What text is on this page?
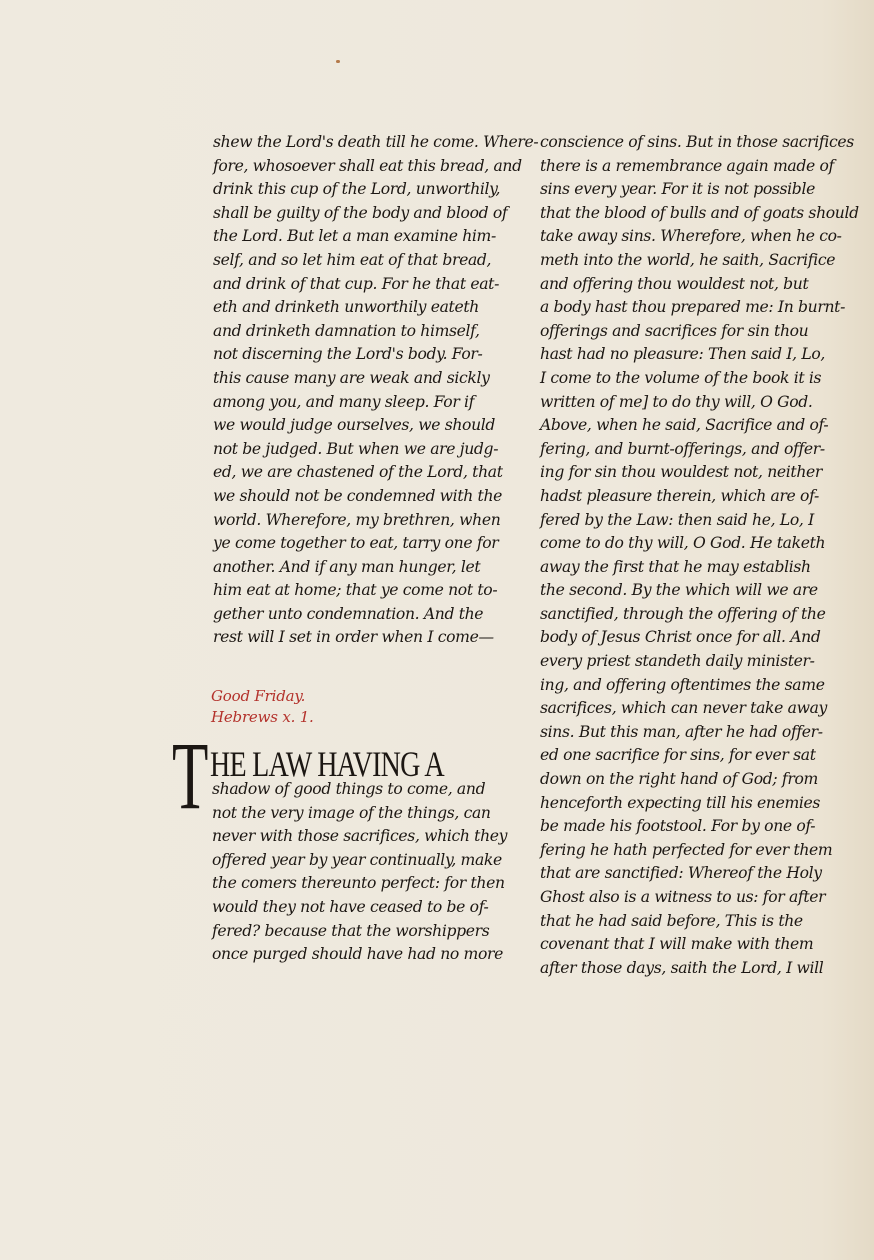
shew the Lord's death till he come. Where-
fore, whosoever shall eat this bread, and
drink this cup of the Lord, unworthily,
shall be guilty of the body and blood of
the Lord. But let a man examine him-
self, and so let him eat of that bread,
and drink of that cup. For he that eat-
eth and drinketh unworthily eateth
and drinketh damnation to himself,
not discerning the Lord's body. For-
this cause many are weak and sickly
among you, and many sleep. For if
we would judge ourselves, we should
not be judged. But when we are judg-
ed, we are chastened of the Lord, that
we should not be condemned with the
world. Wherefore, my brethren, when
ye come together to eat, tarry one for
another. And if any man hunger, let
him eat at home; that ye come not to-
gether unto condemnation. And the
rest will I set in order when I come—
Good Friday.
Hebrews x. 1.
T HE LAW HAVING A
shadow of good things to come, and
not the very image of the things, can
never with those sacrifices, which they
offered year by year continually, make
the comers thereunto perfect: for then
would they not have ceased to be of-
fered? because that the worshippers
once purged should have had no more
conscience of sins. But in those sacrifices
there is a remembrance again made of
sins every year. For it is not possible
that the blood of bulls and of goats should
take away sins. Wherefore, when he co-
meth into the world, he saith, Sacrifice
and offering thou wouldest not, but
a body hast thou prepared me: In burnt-
offerings and sacrifices for sin thou
hast had no pleasure: Then said I, Lo,
I come to the volume of the book it is
written of me] to do thy will, O God.
Above, when he said, Sacrifice and of-
fering, and burnt-offerings, and offer-
ing for sin thou wouldest not, neither
hadst pleasure therein, which are of-
fered by the Law: then said he, Lo, I
come to do thy will, O God. He taketh
away the first that he may establish
the second. By the which will we are
sanctified, through the offering of the
body of Jesus Christ once for all. And
every priest standeth daily minister-
ing, and offering oftentimes the same
sacrifices, which can never take away
sins. But this man, after he had offer-
ed one sacrifice for sins, for ever sat
down on the right hand of God; from
henceforth expecting till his enemies
be made his footstool. For by one of-
fering he hath perfected for ever them
that are sanctified: Whereof the Holy
Ghost also is a witness to us: for after
that he had said before, This is the
covenant that I will make with them
after those days, saith the Lord, I will
